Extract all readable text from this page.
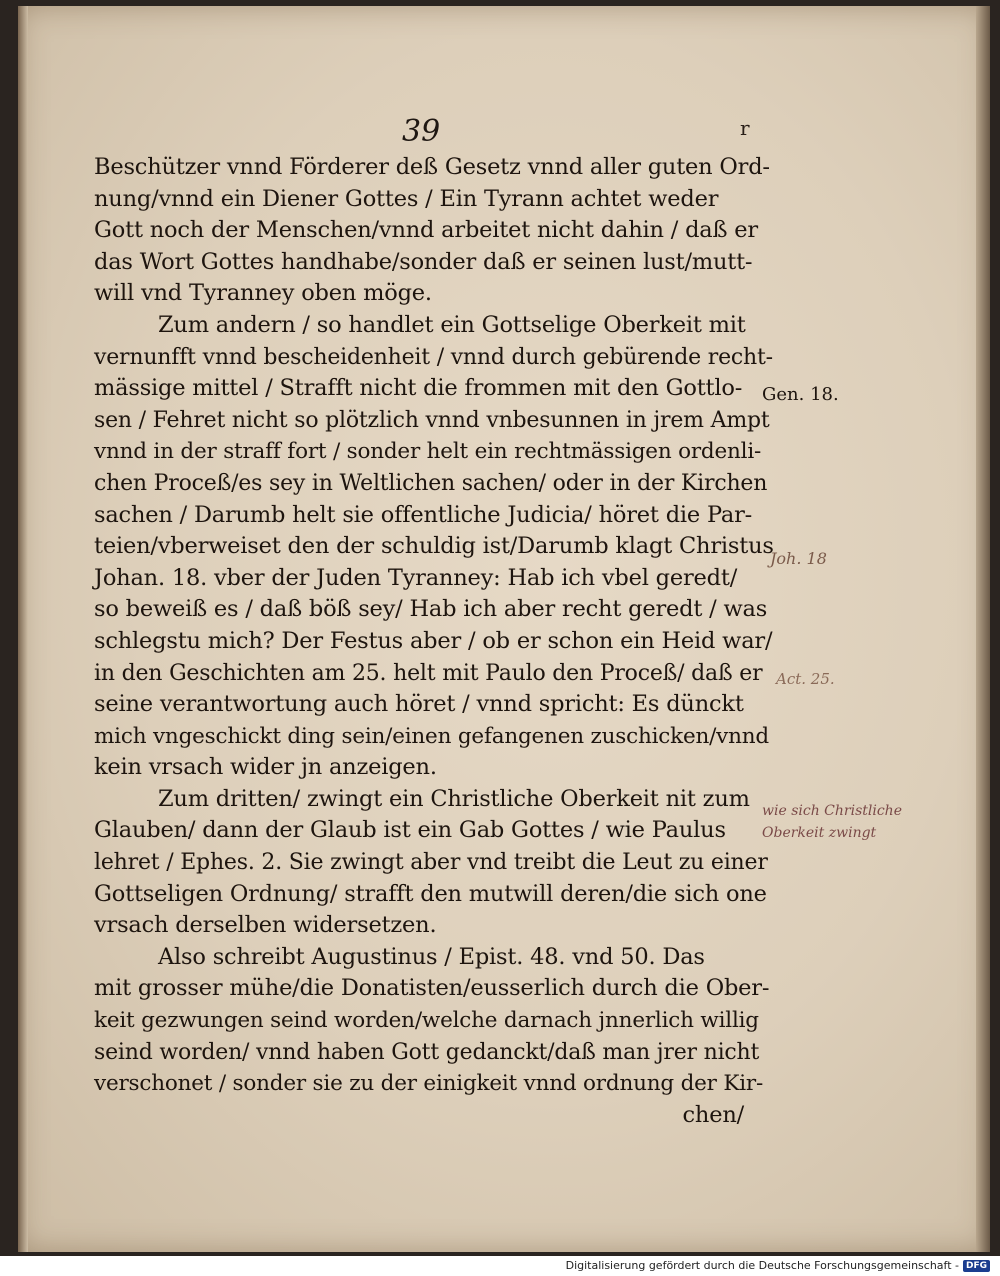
39	r
Beschützer vnnd Förderer deß Gesetz vnnd aller guten Ord-
nung/vnnd ein Diener Gottes / Ein Tyrann achtet weder
Gott noch der Menschen/vnnd arbeitet nicht dahin / daß er
das Wort Gottes handhabe/sonder daß er seinen lust/mutt-
will vnd Tyranney oben möge.
Zum andern / so handlet ein Gottselige Oberkeit mit
vernunfft vnnd bescheidenheit / vnnd durch gebürende recht-
mässige mittel / Strafft nicht die frommen mit den Gottlo-
sen / Fehret nicht so plötzlich vnnd vnbesunnen in jrem Ampt
vnnd in der straff fort / sonder helt ein rechtmässigen ordenli-
chen Proceß/es sey in Weltlichen sachen/ oder in der Kirchen
sachen / Darumb helt sie offentliche Judicia/ höret die Par-
teien/vberweiset den der schuldig ist/Darumb klagt Christus
Johan. 18. vber der Juden Tyranney: Hab ich vbel geredt/
so beweiß es / daß böß sey/ Hab ich aber recht geredt / was
schlegstu mich? Der Festus aber / ob er schon ein Heid war/
in den Geschichten am 25. helt mit Paulo den Proceß/ daß er
seine verantwortung auch höret / vnnd spricht: Es dünckt
mich vngeschickt ding sein/einen gefangenen zuschicken/vnnd
kein vrsach wider jn anzeigen.
Zum dritten/ zwingt ein Christliche Oberkeit nit zum
Glauben/ dann der Glaub ist ein Gab Gottes / wie Paulus
lehret / Ephes. 2. Sie zwingt aber vnd treibt die Leut zu einer
Gottseligen Ordnung/ strafft den mutwill deren/die sich one
vrsach derselben widersetzen.
Also schreibt Augustinus / Epist. 48. vnd 50. Das
mit grosser mühe/die Donatisten/eusserlich durch die Ober-
keit gezwungen seind worden/welche darnach jnnerlich willig
seind worden/ vnnd haben Gott gedanckt/daß man jrer nicht
verschonet / sonder sie zu der einigkeit vnnd ordnung der Kir-
chen/
Gen. 18.
Joh. 18
Act. 25.
wie sich Christliche
Oberkeit zwingt
Digitalisierung gefördert durch die Deutsche Forschungsgemeinschaft - DFG
